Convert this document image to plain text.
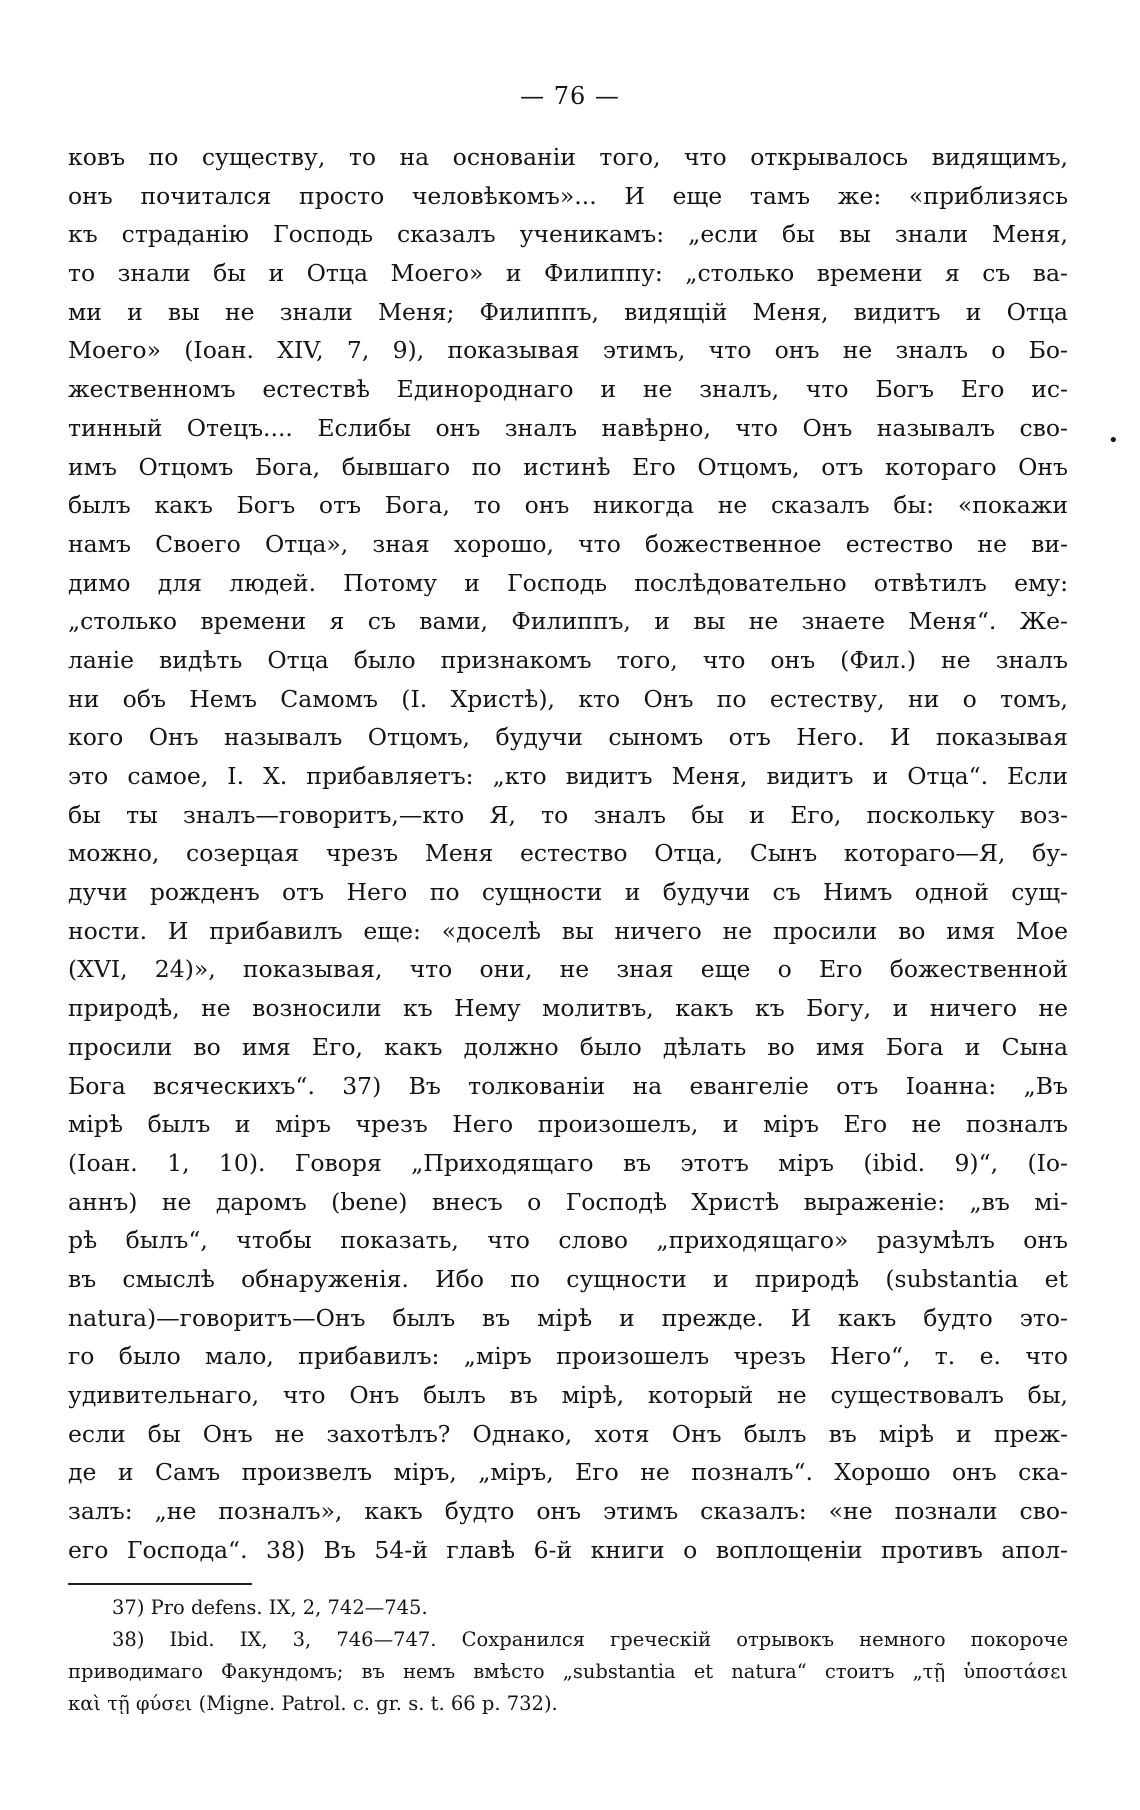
— 76 —
ковъ по существу, то на основаніи того, что открывалось видящимъ,
онъ почитался просто человѣкомъ»... И еще тамъ же: «приблизясь
къ страданію Господь сказалъ ученикамъ: „если бы вы знали Меня,
то знали бы и Отца Моего» и Филиппу: „столько времени я съ ва-
ми и вы не знали Меня; Филиппъ, видящій Меня, видитъ и Отца
Моего» (Іоан. XIV, 7, 9), показывая этимъ, что онъ не зналъ о Бо-
жественномъ естествѣ Единороднаго и не зналъ, что Богъ Его ис-
тинный Отецъ.... Еслибы онъ зналъ навѣрно, что Онъ называлъ сво-
имъ Отцомъ Бога, бывшаго по истинѣ Его Отцомъ, отъ котораго Онъ
былъ какъ Богъ отъ Бога, то онъ никогда не сказалъ бы: «покажи
намъ Своего Отца», зная хорошо, что божественное естество не ви-
димо для людей. Потому и Господь послѣдовательно отвѣтилъ ему:
„столько времени я съ вами, Филиппъ, и вы не знаете Меня“. Же-
ланіе видѣть Отца было признакомъ того, что онъ (Фил.) не зналъ
ни объ Немъ Самомъ (І. Христѣ), кто Онъ по естеству, ни о томъ,
кого Онъ называлъ Отцомъ, будучи сыномъ отъ Него. И показывая
это самое, І. Х. прибавляетъ: „кто видитъ Меня, видитъ и Отца“. Если
бы ты зналъ—говоритъ,—кто Я, то зналъ бы и Его, поскольку воз-
можно, созерцая чрезъ Меня естество Отца, Сынъ котораго—Я, бу-
дучи рожденъ отъ Него по сущности и будучи съ Нимъ одной сущ-
ности. И прибавилъ еще: «доселѣ вы ничего не просили во имя Мое
(XVI, 24)», показывая, что они, не зная еще о Его божественной
природѣ, не возносили къ Нему молитвъ, какъ къ Богу, и ничего не
просили во имя Его, какъ должно было дѣлать во имя Бога и Сына
Бога всяческихъ“. 37) Въ толкованіи на евангеліе отъ Іоанна: „Въ
мірѣ былъ и міръ чрезъ Него произошелъ, и міръ Его не позналъ
(Іоан. 1, 10). Говоря „Приходящаго въ этотъ міръ (ibid. 9)“, (Іо-
аннъ) не даромъ (bene) внесъ о Господѣ Христѣ выраженіе: „въ мі-
рѣ былъ“, чтобы показать, что слово „приходящаго» разумѣлъ онъ
въ смыслѣ обнаруженія. Ибо по сущности и природѣ (substantia et
natura)—говоритъ—Онъ былъ въ мірѣ и прежде. И какъ будто это-
го было мало, прибавилъ: „міръ произошелъ чрезъ Него“, т. е. что
удивительнаго, что Онъ былъ въ мірѣ, который не существовалъ бы,
если бы Онъ не захотѣлъ? Однако, хотя Онъ былъ въ мірѣ и преж-
де и Самъ произвелъ міръ, „міръ, Его не позналъ“. Хорошо онъ ска-
залъ: „не позналъ», какъ будто онъ этимъ сказалъ: «не познали сво-
его Господа“. 38) Въ 54-й главѣ 6-й книги о воплощеніи противъ апол-
•
37) Pro defens. IX, 2, 742—745.
38) Ibid. IX, 3, 746—747. Сохранился греческій отрывокъ немного покороче
приводимаго Факундомъ; въ немъ вмѣсто „substantia et natura“ стоитъ „τῇ ὑποστάσει
καὶ τῇ φύσει (Migne. Patrol. c. gr. s. t. 66 p. 732).
